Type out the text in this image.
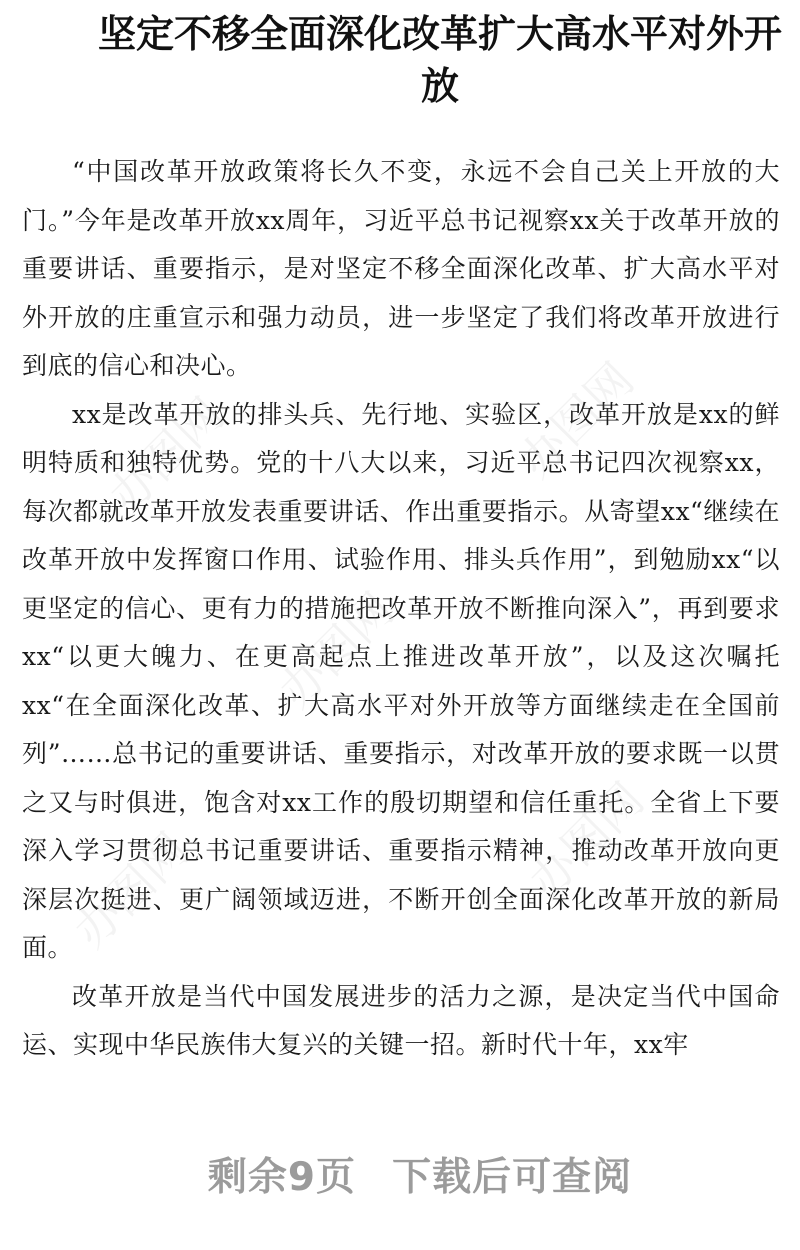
坚定不移全面深化改革扩大高水平对外开放

“中国改革开放政策将长久不变，永远不会自己关上开放的大门。”今年是改革开放xx周年，习近平总书记视察xx关于改革开放的重要讲话、重要指示，是对坚定不移全面深化改革、扩大高水平对外开放的庄重宣示和强力动员，进一步坚定了我们将改革开放进行到底的信心和决心。

xx是改革开放的排头兵、先行地、实验区，改革开放是xx的鲜明特质和独特优势。党的十八大以来，习近平总书记四次视察xx，每次都就改革开放发表重要讲话、作出重要指示。从寄望xx“继续在改革开放中发挥窗口作用、试验作用、排头兵作用”，到勉励xx“以更坚定的信心、更有力的措施把改革开放不断推向深入”，再到要求xx“以更大魄力、在更高起点上推进改革开放”，以及这次嘱托xx“在全面深化改革、扩大高水平对外开放等方面继续走在全国前列”……总书记的重要讲话、重要指示，对改革开放的要求既一以贯之又与时俱进，饱含对xx工作的殷切期望和信任重托。全省上下要深入学习贯彻总书记重要讲话、重要指示精神，推动改革开放向更深层次挺进、更广阔领域迈进，不断开创全面深化改革开放的新局面。

改革开放是当代中国发展进步的活力之源，是决定当代中国命运、实现中华民族伟大复兴的关键一招。新时代十年，xx牢

办图网	办图网
办图网
办图网
办图网
剩余9页 下载后可查阅
